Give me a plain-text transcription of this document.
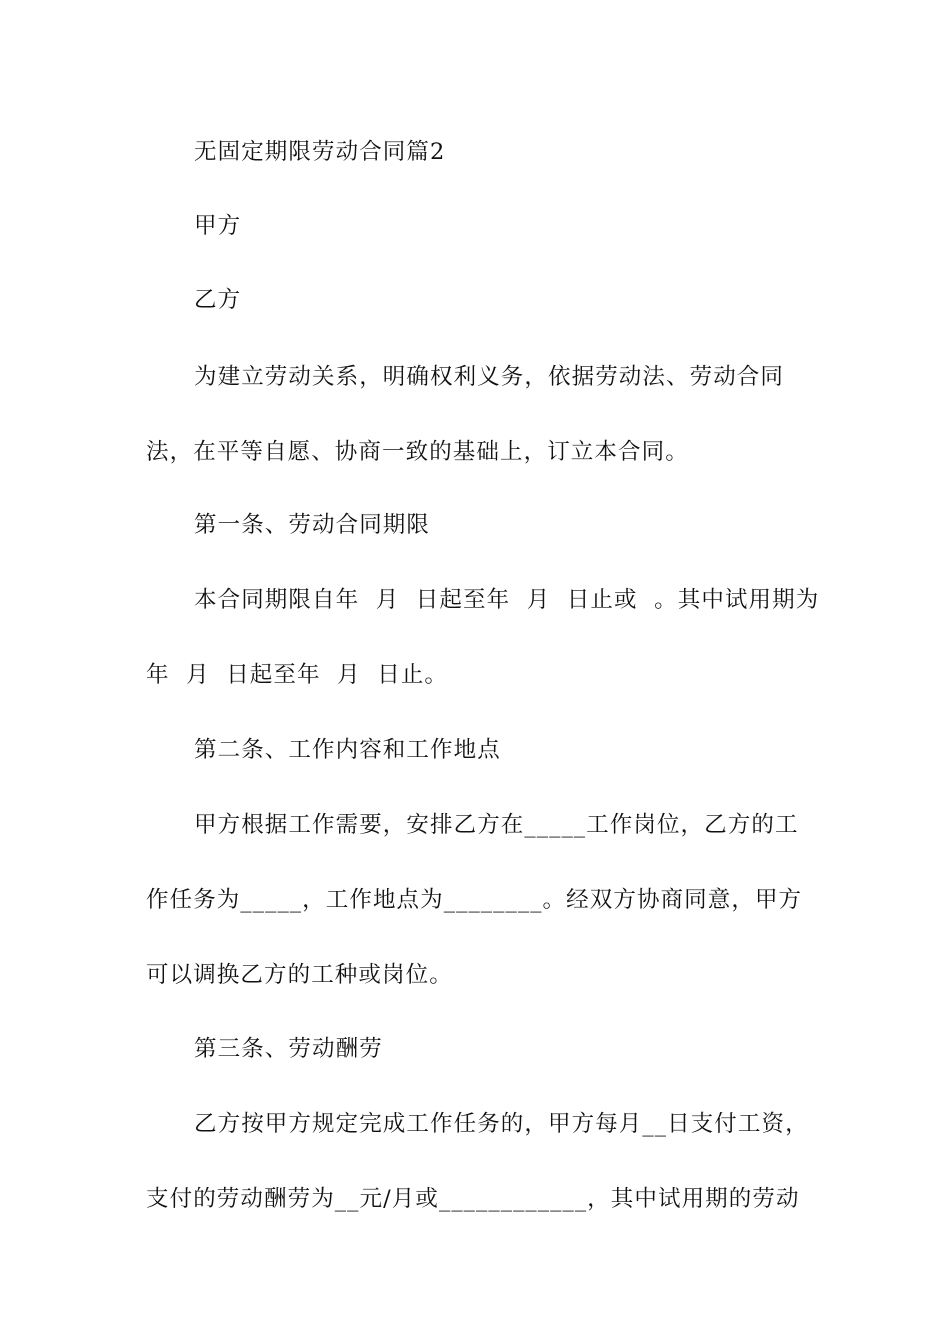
无固定期限劳动合同篇2
甲方
乙方
为建立劳动关系，明确权利义务，依据劳动法、劳动合同
法，在平等自愿、协商一致的基础上，订立本合同。
第一条、劳动合同期限
本合同期限自年  月  日起至年  月  日止或  。其中试用期为
年  月  日起至年  月  日止。
第二条、工作内容和工作地点
甲方根据工作需要，安排乙方在_____工作岗位，乙方的工
作任务为_____，工作地点为________。经双方协商同意，甲方
可以调换乙方的工种或岗位。
第三条、劳动酬劳
乙方按甲方规定完成工作任务的，甲方每月__日支付工资，
支付的劳动酬劳为__元/月或____________，其中试用期的劳动
